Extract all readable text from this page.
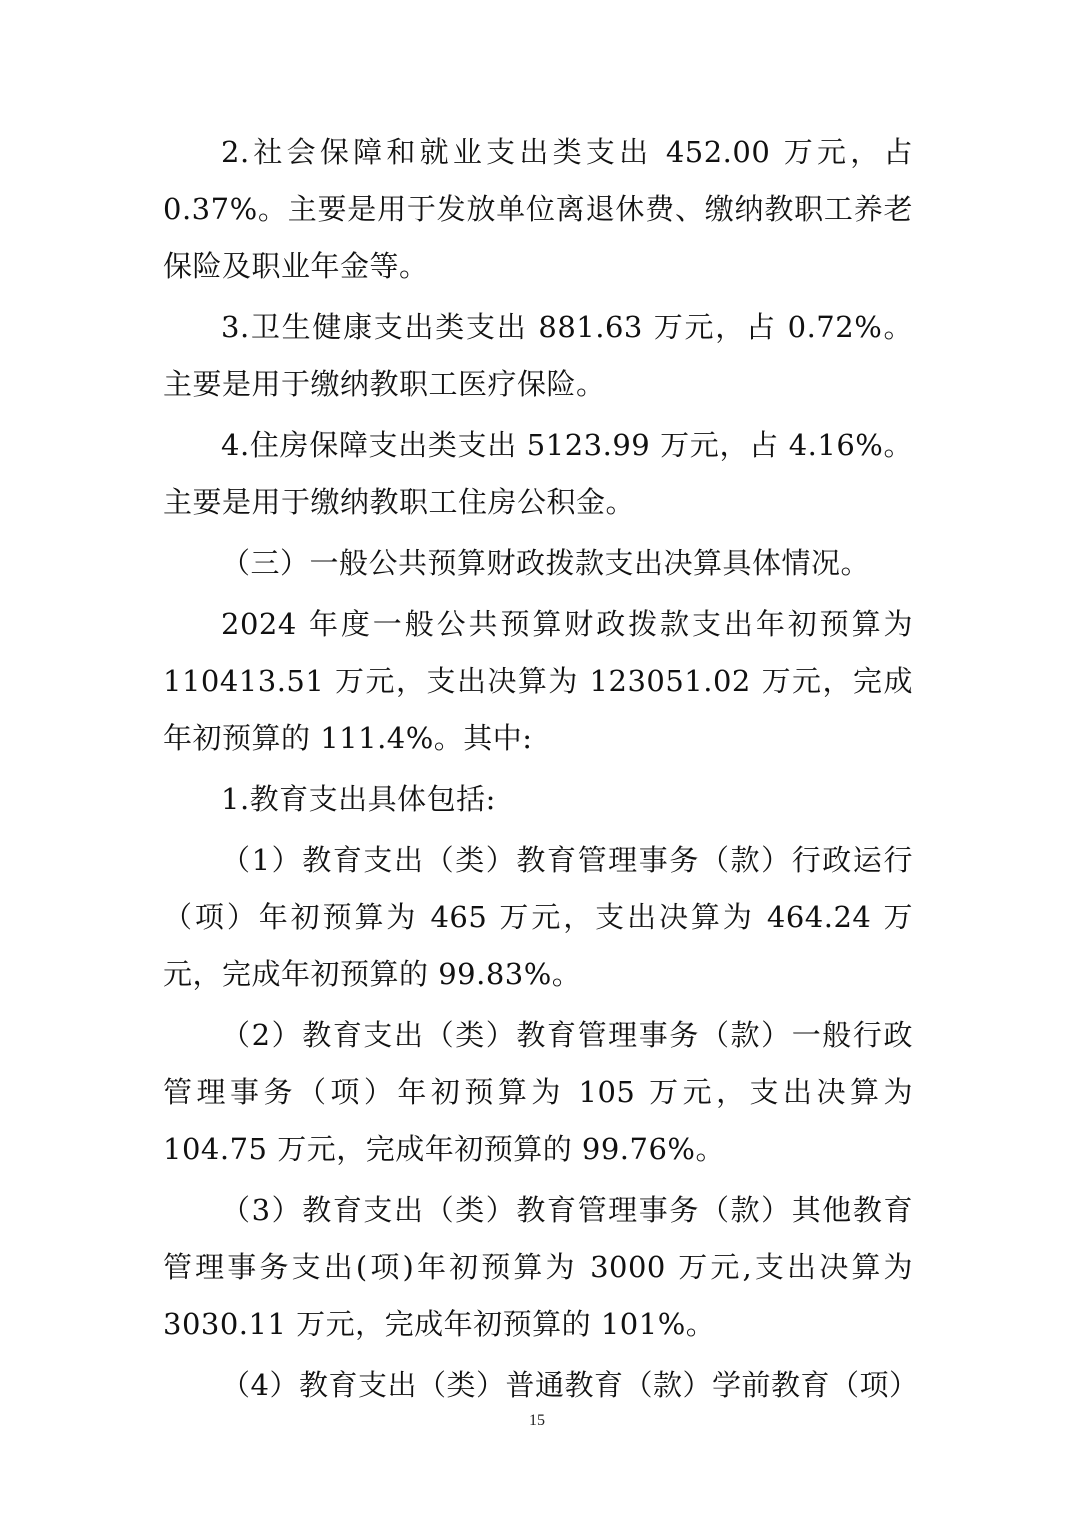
2.社会保障和就业支出类支出 452.00 万元，占 0.37%。主要是用于发放单位离退休费、缴纳教职工养老保险及职业年金等。

3.卫生健康支出类支出 881.63 万元，占 0.72%。主要是用于缴纳教职工医疗保险。

4.住房保障支出类支出 5123.99 万元，占 4.16%。主要是用于缴纳教职工住房公积金。

（三）一般公共预算财政拨款支出决算具体情况。

2024 年度一般公共预算财政拨款支出年初预算为 110413.51 万元，支出决算为 123051.02 万元，完成年初预算的 111.4%。其中:

1.教育支出具体包括:

（1）教育支出（类）教育管理事务（款）行政运行（项）年初预算为 465 万元，支出决算为 464.24 万元，完成年初预算的 99.83%。

（2）教育支出（类）教育管理事务（款）一般行政管理事务（项）年初预算为 105 万元，支出决算为 104.75 万元，完成年初预算的 99.76%。

（3）教育支出（类）教育管理事务（款）其他教育管理事务支出(项)年初预算为 3000 万元,支出决算为 3030.11 万元，完成年初预算的 101%。

（4）教育支出（类）普通教育（款）学前教育（项）

15
